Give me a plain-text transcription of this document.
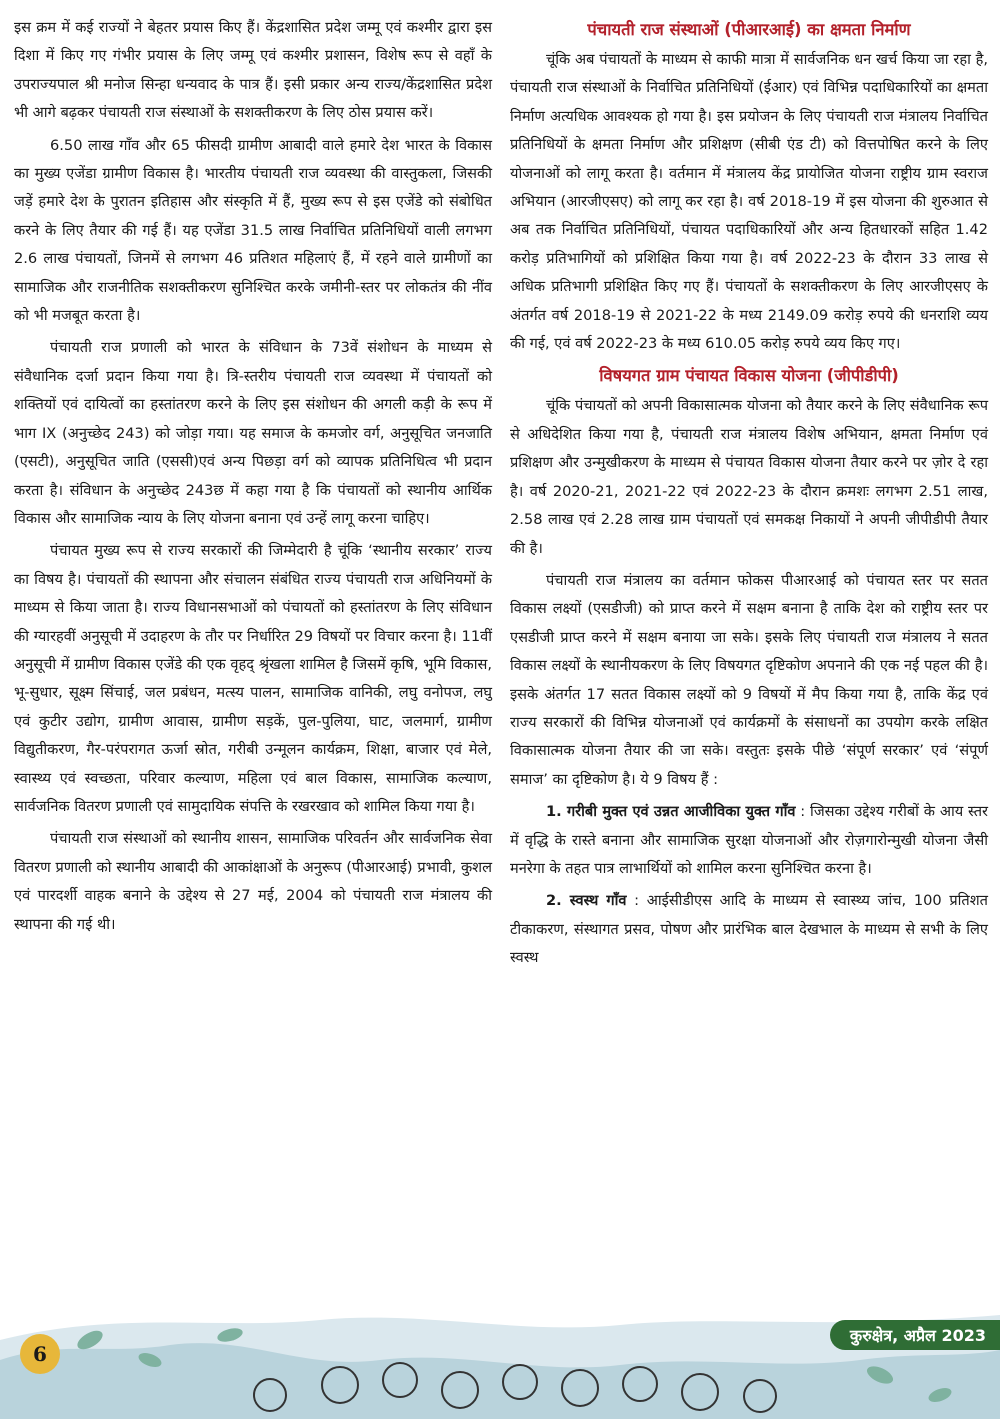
इस क्रम में कई राज्यों ने बेहतर प्रयास किए हैं। केंद्रशासित प्रदेश जम्मू एवं कश्मीर द्वारा इस दिशा में किए गए गंभीर प्रयास के लिए जम्मू एवं कश्मीर प्रशासन, विशेष रूप से वहाँ के उपराज्यपाल श्री मनोज सिन्हा धन्यवाद के पात्र हैं। इसी प्रकार अन्य राज्य/केंद्रशासित प्रदेश भी आगे बढ़कर पंचायती राज संस्थाओं के सशक्तीकरण के लिए ठोस प्रयास करें।

6.50 लाख गाँव और 65 फीसदी ग्रामीण आबादी वाले हमारे देश भारत के विकास का मुख्य एजेंडा ग्रामीण विकास है। भारतीय पंचायती राज व्यवस्था की वास्तुकला, जिसकी जड़ें हमारे देश के पुरातन इतिहास और संस्कृति में हैं, मुख्य रूप से इस एजेंडे को संबोधित करने के लिए तैयार की गई हैं। यह एजेंडा 31.5 लाख निर्वाचित प्रतिनिधियों वाली लगभग 2.6 लाख पंचायतों, जिनमें से लगभग 46 प्रतिशत महिलाएं हैं, में रहने वाले ग्रामीणों का सामाजिक और राजनीतिक सशक्तीकरण सुनिश्चित करके जमीनी-स्तर पर लोकतंत्र की नींव को भी मजबूत करता है।

पंचायती राज प्रणाली को भारत के संविधान के 73वें संशोधन के माध्यम से संवैधानिक दर्जा प्रदान किया गया है। त्रि-स्तरीय पंचायती राज व्यवस्था में पंचायतों को शक्तियों एवं दायित्वों का हस्तांतरण करने के लिए इस संशोधन की अगली कड़ी के रूप में भाग IX (अनुच्छेद 243) को जोड़ा गया। यह समाज के कमजोर वर्ग, अनुसूचित जनजाति (एसटी), अनुसूचित जाति (एससी)एवं अन्य पिछड़ा वर्ग को व्यापक प्रतिनिधित्व भी प्रदान करता है। संविधान के अनुच्छेद 243छ में कहा गया है कि पंचायतों को स्थानीय आर्थिक विकास और सामाजिक न्याय के लिए योजना बनाना एवं उन्हें लागू करना चाहिए।

पंचायत मुख्य रूप से राज्य सरकारों की जिम्मेदारी है चूंकि ‘स्थानीय सरकार’ राज्य का विषय है। पंचायतों की स्थापना और संचालन संबंधित राज्य पंचायती राज अधिनियमों के माध्यम से किया जाता है। राज्य विधानसभाओं को पंचायतों को हस्तांतरण के लिए संविधान की ग्यारहवीं अनुसूची में उदाहरण के तौर पर निर्धारित 29 विषयों पर विचार करना है। 11वीं अनुसूची में ग्रामीण विकास एजेंडे की एक वृहद् श्रृंखला शामिल है जिसमें कृषि, भूमि विकास, भू-सुधार, सूक्ष्म सिंचाई, जल प्रबंधन, मत्स्य पालन, सामाजिक वानिकी, लघु वनोपज, लघु एवं कुटीर उद्योग, ग्रामीण आवास, ग्रामीण सड़कें, पुल-पुलिया, घाट, जलमार्ग, ग्रामीण विद्युतीकरण, गैर-परंपरागत ऊर्जा स्रोत, गरीबी उन्मूलन कार्यक्रम, शिक्षा, बाजार एवं मेले, स्वास्थ्य एवं स्वच्छता, परिवार कल्याण, महिला एवं बाल विकास, सामाजिक कल्याण, सार्वजनिक वितरण प्रणाली एवं सामुदायिक संपत्ति के रखरखाव को शामिल किया गया है।

पंचायती राज संस्थाओं को स्थानीय शासन, सामाजिक परिवर्तन और सार्वजनिक सेवा वितरण प्रणाली को स्थानीय आबादी की आकांक्षाओं के अनुरूप (पीआरआई) प्रभावी, कुशल एवं पारदर्शी वाहक बनाने के उद्देश्य से 27 मई, 2004 को पंचायती राज मंत्रालय की स्थापना की गई थी।

पंचायती राज संस्थाओं (पीआरआई) का क्षमता निर्माण

चूंकि अब पंचायतों के माध्यम से काफी मात्रा में सार्वजनिक धन खर्च किया जा रहा है, पंचायती राज संस्थाओं के निर्वाचित प्रतिनिधियों (ईआर) एवं विभिन्न पदाधिकारियों का क्षमता निर्माण अत्यधिक आवश्यक हो गया है। इस प्रयोजन के लिए पंचायती राज मंत्रालय निर्वाचित प्रतिनिधियों के क्षमता निर्माण और प्रशिक्षण (सीबी एंड टी) को वित्तपोषित करने के लिए योजनाओं को लागू करता है। वर्तमान में मंत्रालय केंद्र प्रायोजित योजना राष्ट्रीय ग्राम स्वराज अभियान (आरजीएसए) को लागू कर रहा है। वर्ष 2018-19 में इस योजना की शुरुआत से अब तक निर्वाचित प्रतिनिधियों, पंचायत पदाधिकारियों और अन्य हितधारकों सहित 1.42 करोड़ प्रतिभागियों को प्रशिक्षित किया गया है। वर्ष 2022-23 के दौरान 33 लाख से अधिक प्रतिभागी प्रशिक्षित किए गए हैं। पंचायतों के सशक्तीकरण के लिए आरजीएसए के अंतर्गत वर्ष 2018-19 से 2021-22 के मध्य 2149.09 करोड़ रुपये की धनराशि व्यय की गई, एवं वर्ष 2022-23 के मध्य 610.05 करोड़ रुपये व्यय किए गए।

विषयगत ग्राम पंचायत विकास योजना (जीपीडीपी)

चूंकि पंचायतों को अपनी विकासात्मक योजना को तैयार करने के लिए संवैधानिक रूप से अधिदेशित किया गया है, पंचायती राज मंत्रालय विशेष अभियान, क्षमता निर्माण एवं प्रशिक्षण और उन्मुखीकरण के माध्यम से पंचायत विकास योजना तैयार करने पर ज़ोर दे रहा है। वर्ष 2020-21, 2021-22 एवं 2022-23 के दौरान क्रमशः लगभग 2.51 लाख, 2.58 लाख एवं 2.28 लाख ग्राम पंचायतों एवं समकक्ष निकायों ने अपनी जीपीडीपी तैयार की है।

पंचायती राज मंत्रालय का वर्तमान फोकस पीआरआई को पंचायत स्तर पर सतत विकास लक्ष्यों (एसडीजी) को प्राप्त करने में सक्षम बनाना है ताकि देश को राष्ट्रीय स्तर पर एसडीजी प्राप्त करने में सक्षम बनाया जा सके। इसके लिए पंचायती राज मंत्रालय ने सतत विकास लक्ष्यों के स्थानीयकरण के लिए विषयगत दृष्टिकोण अपनाने की एक नई पहल की है। इसके अंतर्गत 17 सतत विकास लक्ष्यों को 9 विषयों में मैप किया गया है, ताकि केंद्र एवं राज्य सरकारों की विभिन्न योजनाओं एवं कार्यक्रमों के संसाधनों का उपयोग करके लक्षित विकासात्मक योजना तैयार की जा सके। वस्तुतः इसके पीछे ‘संपूर्ण सरकार’ एवं ‘संपूर्ण समाज’ का दृष्टिकोण है। ये 9 विषय हैं :

1. गरीबी मुक्त एवं उन्नत आजीविका युक्त गाँव : जिसका उद्देश्य गरीबों के आय स्तर में वृद्धि के रास्ते बनाना और सामाजिक सुरक्षा योजनाओं और रोज़गारोन्मुखी योजना जैसी मनरेगा के तहत पात्र लाभार्थियों को शामिल करना सुनिश्चित करना है।

2. स्वस्थ गाँव : आईसीडीएस आदि के माध्यम से स्वास्थ्य जांच, 100 प्रतिशत टीकाकरण, संस्थागत प्रसव, पोषण और प्रारंभिक बाल देखभाल के माध्यम से सभी के लिए स्वस्थ

6
कुरुक्षेत्र, अप्रैल 2023
